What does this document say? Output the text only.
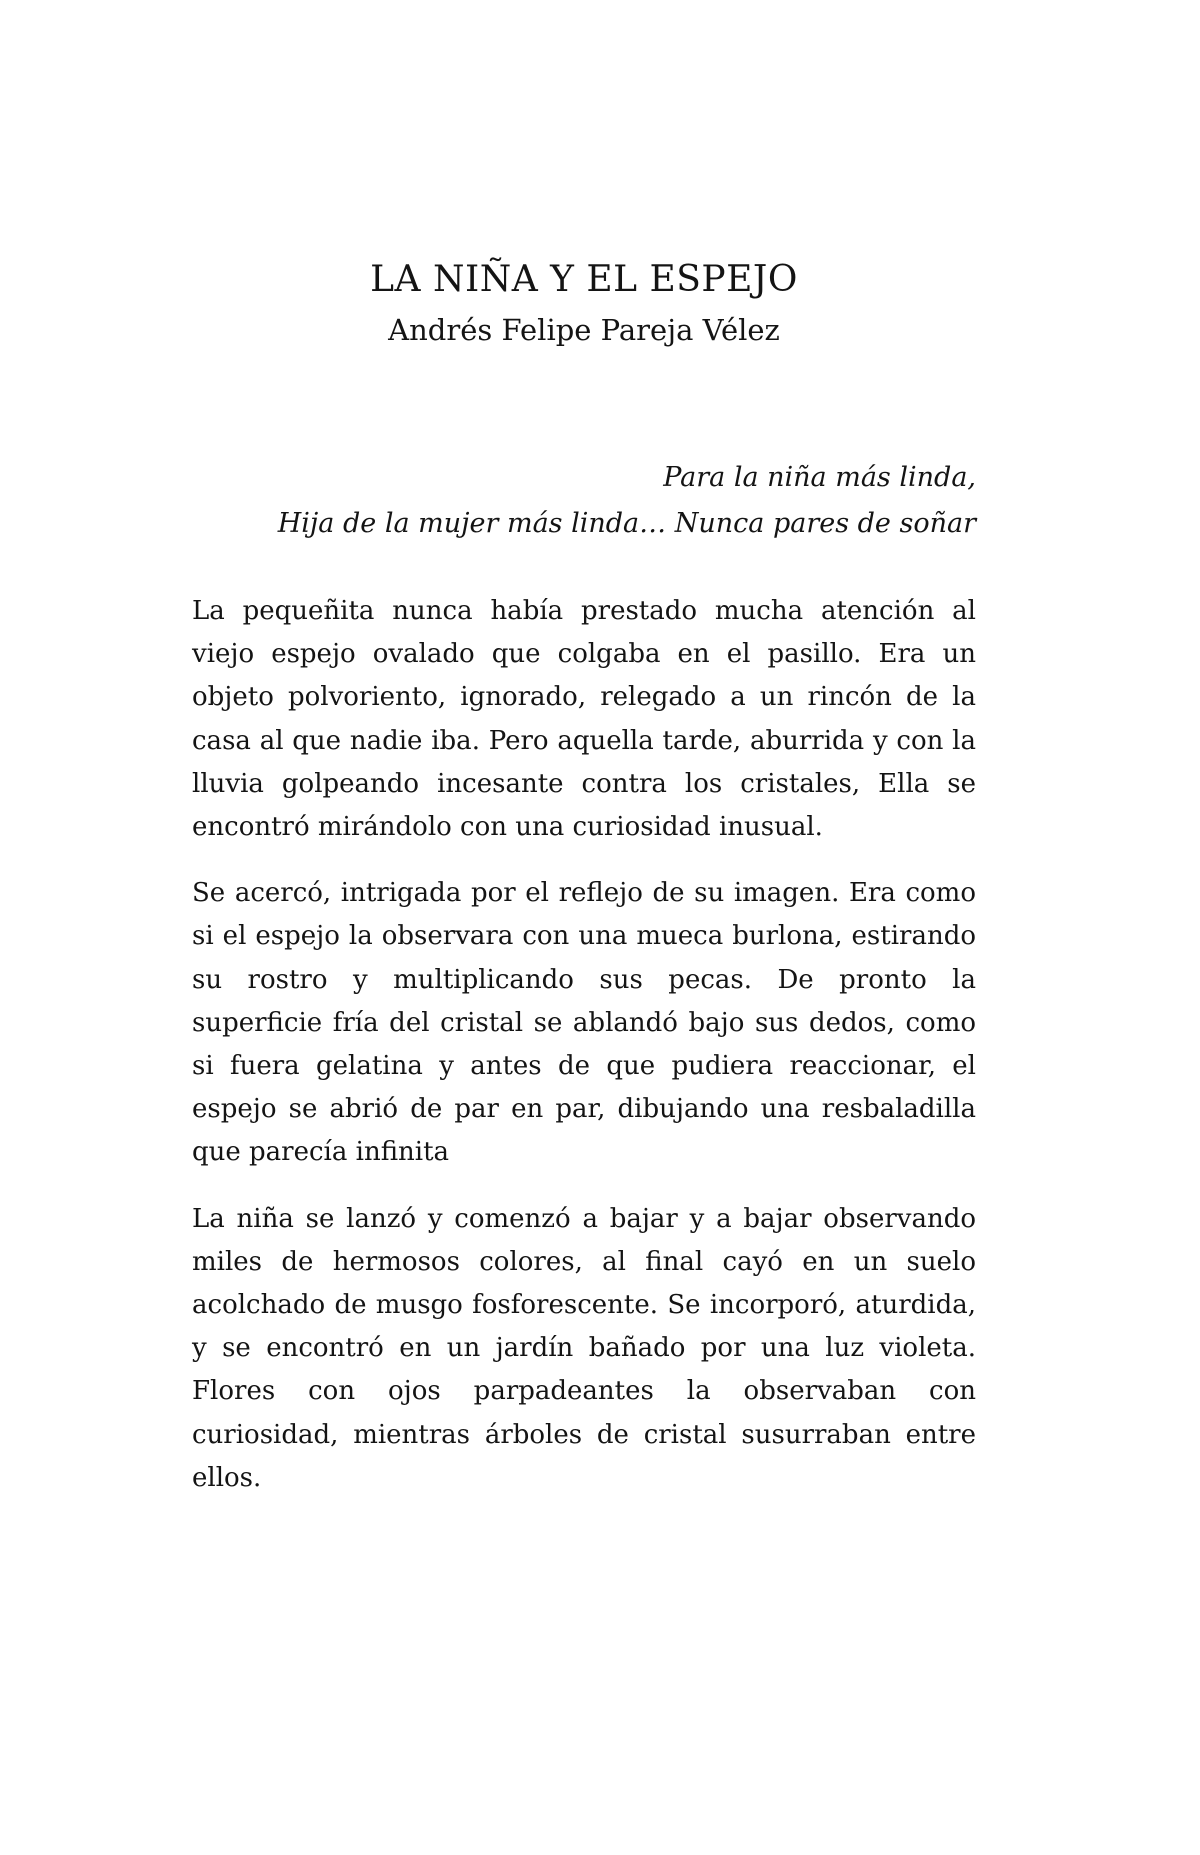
LA NIÑA Y EL ESPEJO
Andrés Felipe Pareja Vélez
Para la niña más linda,
Hija de la mujer más linda… Nunca pares de soñar

La pequeñita nunca había prestado mucha atención al viejo espejo ovalado que colgaba en el pasillo. Era un objeto polvoriento, ignorado, relegado a un rincón de la casa al que nadie iba. Pero aquella tarde, aburrida y con la lluvia golpeando incesante contra los cristales, Ella se encontró mirándolo con una curiosidad inusual.

Se acercó, intrigada por el reflejo de su imagen. Era como si el espejo la observara con una mueca burlona, estirando su rostro y multiplicando sus pecas. De pronto la superficie fría del cristal se ablandó bajo sus dedos, como si fuera gelatina y antes de que pudiera reaccionar, el espejo se abrió de par en par, dibujando una resbaladilla que parecía infinita

La niña se lanzó y comenzó a bajar y a bajar observando miles de hermosos colores, al final cayó en un suelo acolchado de musgo fosforescente. Se incorporó, aturdida, y se encontró en un jardín bañado por una luz violeta. Flores con ojos parpadeantes la observaban con curiosidad, mientras árboles de cristal susurraban entre ellos.
